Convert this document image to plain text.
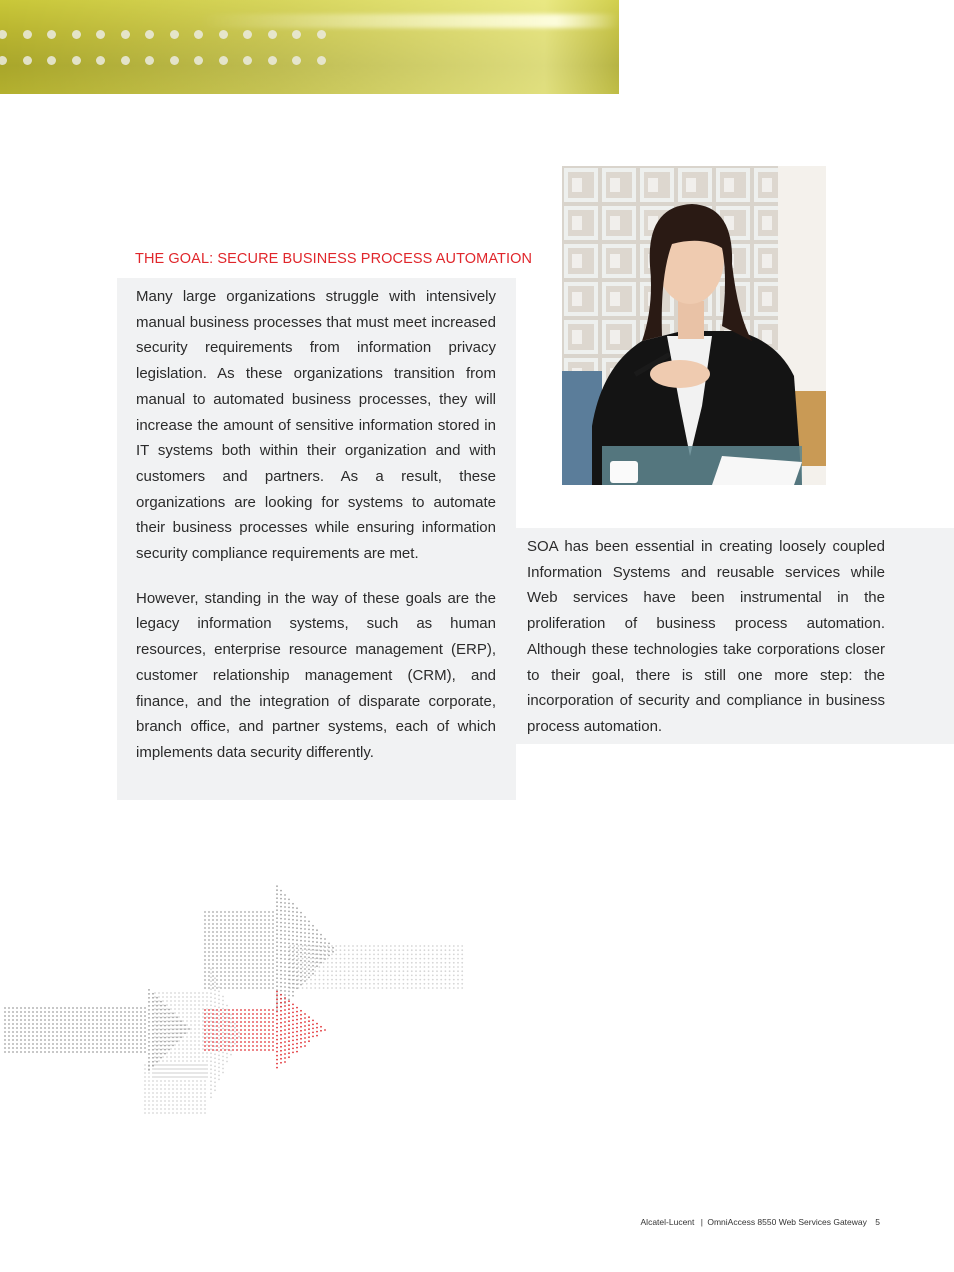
THE GOAL: SECURE BUSINESS PROCESS AUTOMATION

Many large organizations struggle with intensively manual business processes that must meet increased security requirements from information privacy legislation. As these organizations transition from manual to automated business processes, they will increase the amount of sensitive information stored in IT systems both within their organization and with customers and partners. As a result, these organizations are looking for systems to automate their business processes while ensuring information security compliance requirements are met.

However, standing in the way of these goals are the legacy information systems, such as human resources, enterprise resource management (ERP), customer relationship management (CRM), and finance, and the integration of disparate corporate, branch office, and partner systems, each of which implements data security differently.

SOA has been essential in creating loosely coupled Information Systems and reusable services while Web services have been instrumental in the proliferation of business process automation. Although these technologies take corporations closer to their goal, there is still one more step: the incorporation of security and compliance in business process automation.

Alcatel-Lucent | OmniAccess 8550 Web Services Gateway 5
